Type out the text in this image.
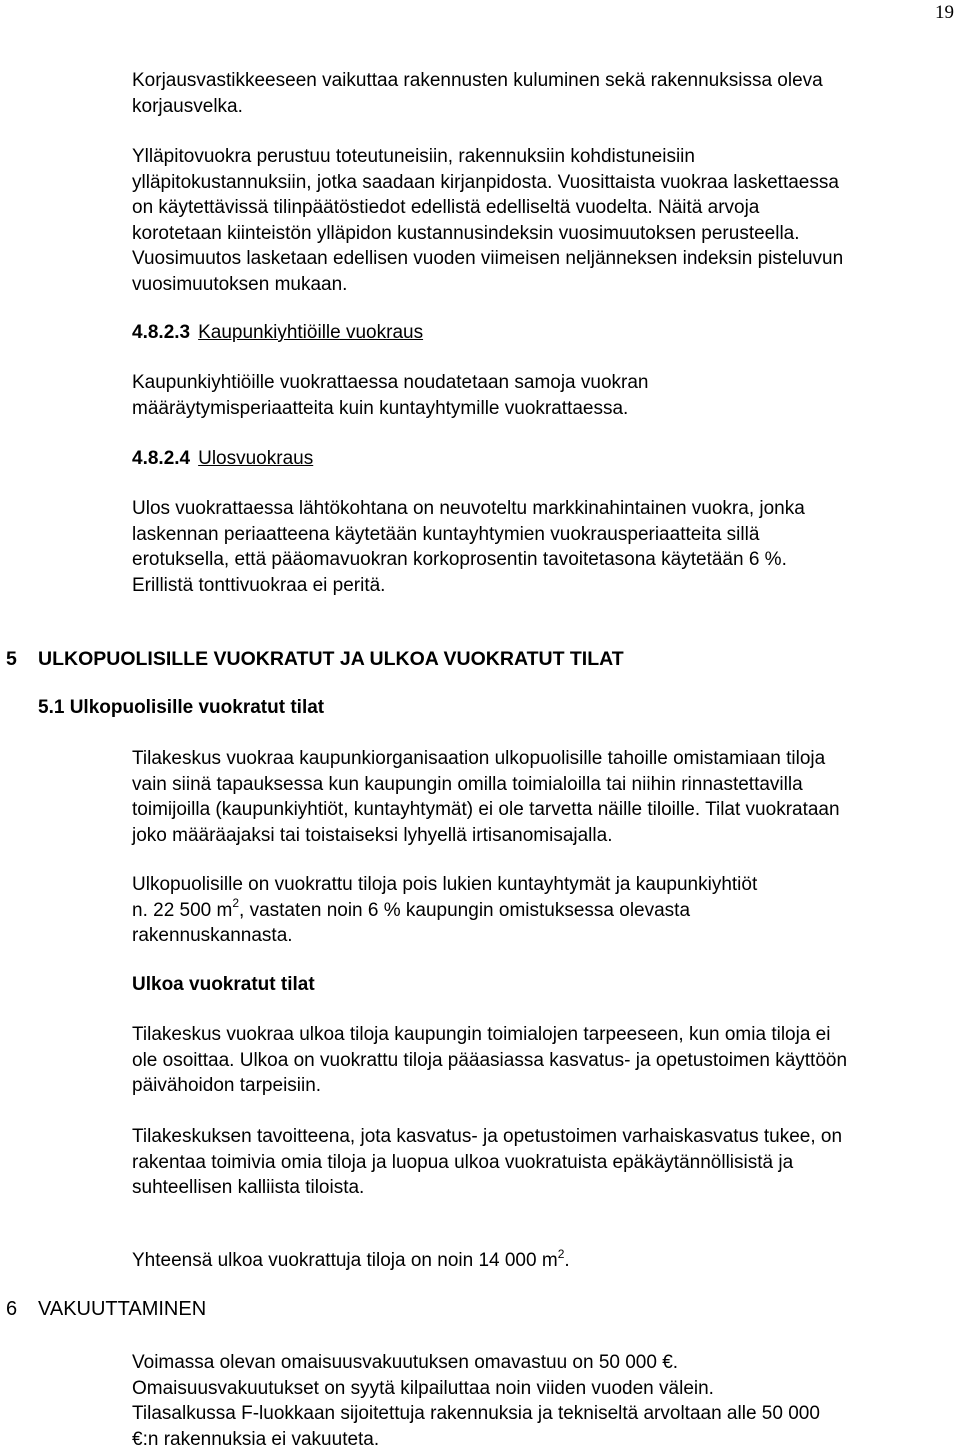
19

Korjausvastikkeeseen vaikuttaa rakennusten kuluminen sekä rakennuksissa oleva
korjausvelka.

Ylläpitovuokra perustuu toteutuneisiin, rakennuksiin kohdistuneisiin
ylläpitokustannuksiin, jotka saadaan kirjanpidosta. Vuosittaista vuokraa laskettaessa
on käytettävissä tilinpäätöstiedot edellistä edelliseltä vuodelta. Näitä arvoja
korotetaan kiinteistön ylläpidon kustannusindeksin vuosimuutoksen perusteella.
Vuosimuutos lasketaan edellisen vuoden viimeisen neljänneksen indeksin pisteluvun
vuosimuutoksen mukaan.

4.8.2.3 Kaupunkiyhtiöille vuokraus

Kaupunkiyhtiöille vuokrattaessa noudatetaan samoja vuokran
määräytymisperiaatteita kuin kuntayhtymille vuokrattaessa.

4.8.2.4 Ulosvuokraus

Ulos vuokrattaessa lähtökohtana on neuvoteltu markkinahintainen vuokra, jonka
laskennan periaatteena käytetään kuntayhtymien vuokrausperiaatteita sillä
erotuksella, että pääomavuokran korkoprosentin tavoitetasona käytetään 6 %.
Erillistä tonttivuokraa ei peritä.

5 ULKOPUOLISILLE VUOKRATUT JA ULKOA VUOKRATUT TILAT
5.1 Ulkopuolisille vuokratut tilat

Tilakeskus vuokraa kaupunkiorganisaation ulkopuolisille tahoille omistamiaan tiloja
vain siinä tapauksessa kun kaupungin omilla toimialoilla tai niihin rinnastettavilla
toimijoilla (kaupunkiyhtiöt, kuntayhtymät) ei ole tarvetta näille tiloille. Tilat vuokrataan
joko määräajaksi tai toistaiseksi lyhyellä irtisanomisajalla.

Ulkopuolisille on vuokrattu tiloja pois lukien kuntayhtymät ja kaupunkiyhtiöt
n. 22 500 $m^2$, vastaten noin 6 % kaupungin omistuksessa olevasta
rakennuskannasta.

Ulkoa vuokratut tilat

Tilakeskus vuokraa ulkoa tiloja kaupungin toimialojen tarpeeseen, kun omia tiloja ei
ole osoittaa. Ulkoa on vuokrattu tiloja pääasiassa kasvatus- ja opetustoimen käyttöön
päivähoidon tarpeisiin.

Tilakeskuksen tavoitteena, jota kasvatus- ja opetustoimen varhaiskasvatus tukee, on
rakentaa toimivia omia tiloja ja luopua ulkoa vuokratuista epäkäytännöllisistä ja
suhteellisen kalliista tiloista.

Yhteensä ulkoa vuokrattuja tiloja on noin 14 000 $m^2$.

6 VAKUUTTAMINEN

Voimassa olevan omaisuusvakuutuksen omavastuu on 50 000 €.
Omaisuusvakuutukset on syytä kilpailuttaa noin viiden vuoden välein.
Tilasalkussa F-luokkaan sijoitettuja rakennuksia ja tekniseltä arvoltaan alle 50 000
€:n rakennuksia ei vakuuteta.
